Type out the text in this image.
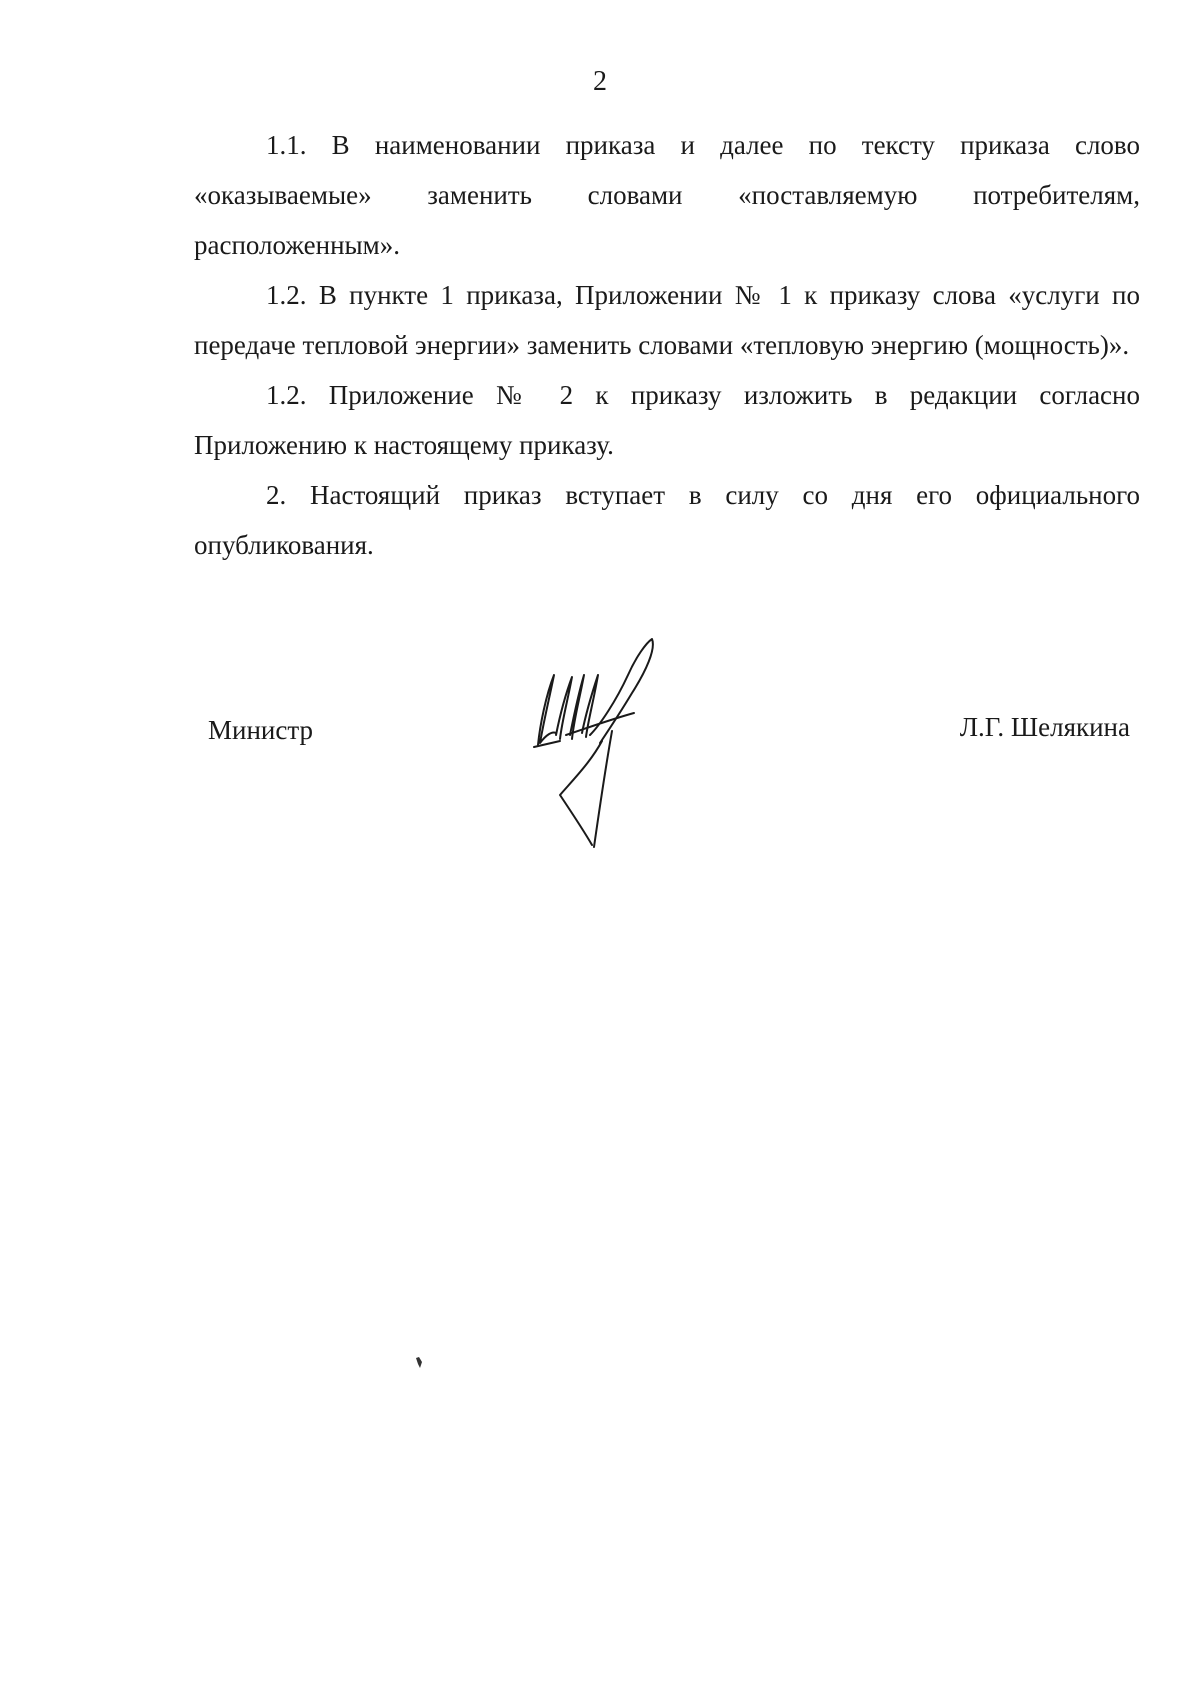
2

1.1. В наименовании приказа и далее по тексту приказа слово «оказываемые» заменить словами «поставляемую потребителям, расположенным».

1.2. В пункте 1 приказа, Приложении № 1 к приказу слова «услуги по передаче тепловой энергии» заменить словами «тепловую энергию (мощность)».

1.2. Приложение № 2 к приказу изложить в редакции согласно Приложению к настоящему приказу.

2. Настоящий приказ вступает в силу со дня его официального опубликования.

Министр	Л.Г. Шелякина
